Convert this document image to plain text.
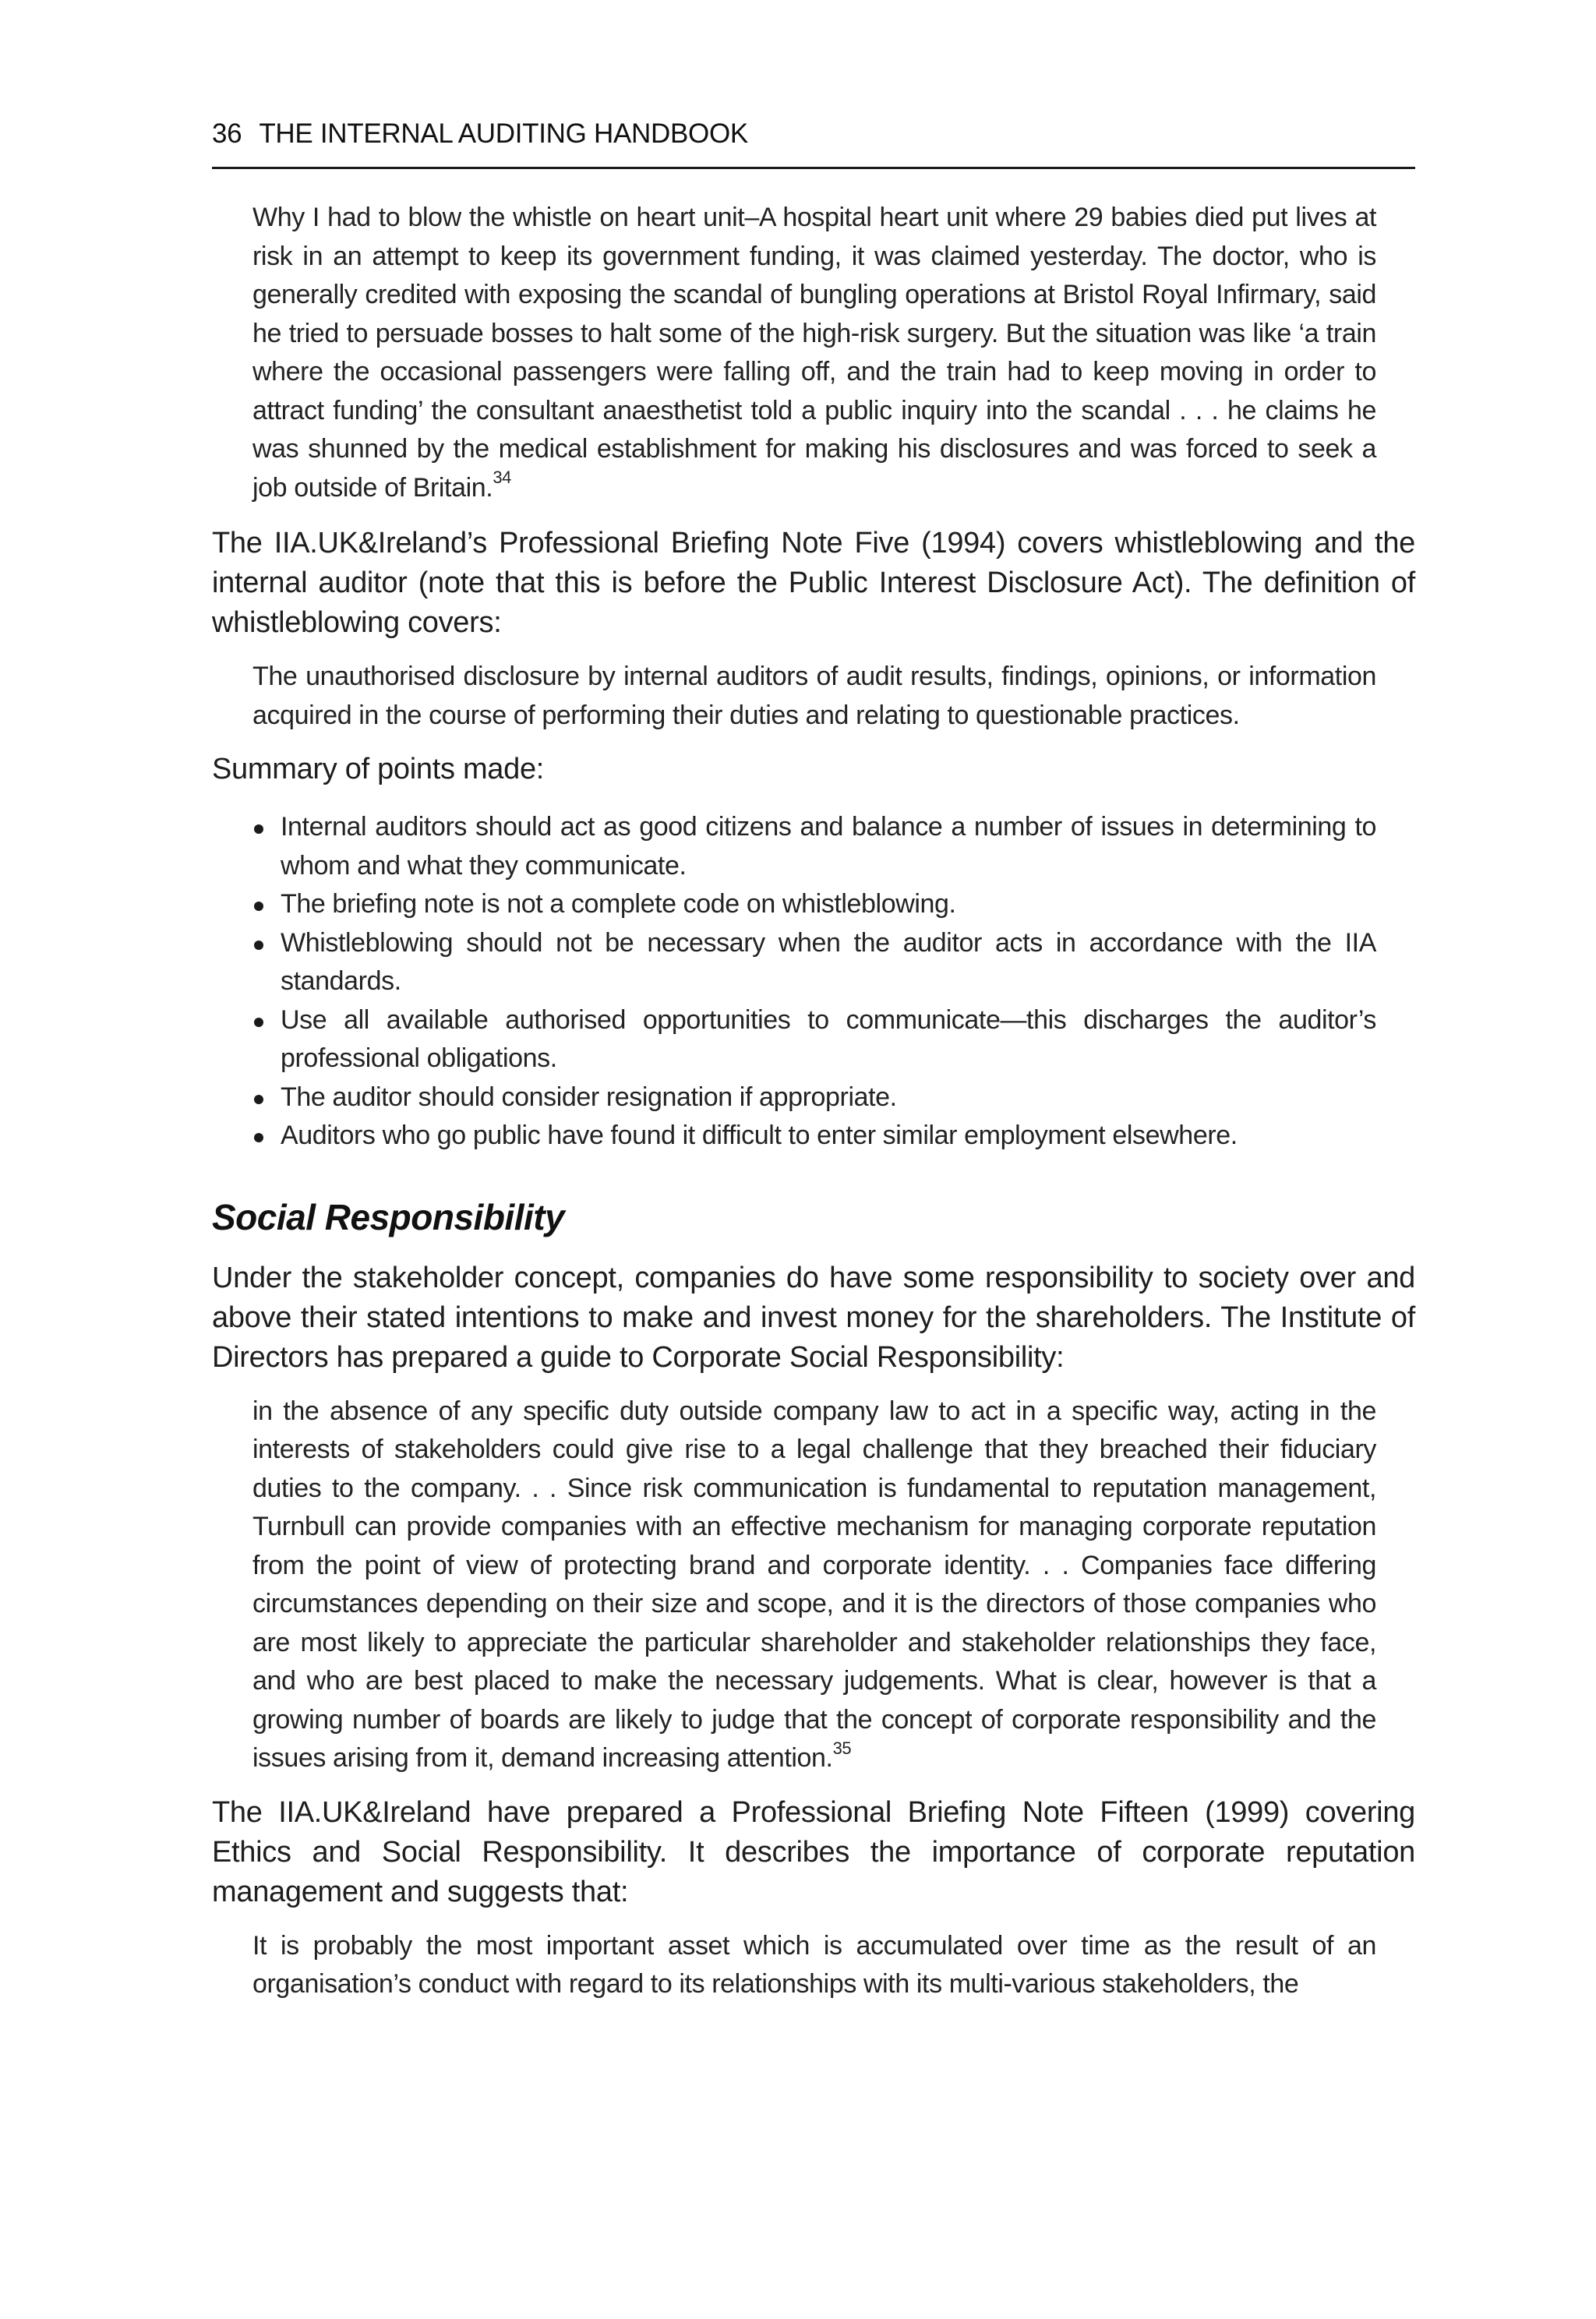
36 THE INTERNAL AUDITING HANDBOOK
Why I had to blow the whistle on heart unit–A hospital heart unit where 29 babies died put lives at risk in an attempt to keep its government funding, it was claimed yesterday. The doctor, who is generally credited with exposing the scandal of bungling operations at Bristol Royal Infirmary, said he tried to persuade bosses to halt some of the high-risk surgery. But the situation was like ‘a train where the occasional passengers were falling off, and the train had to keep moving in order to attract funding’ the consultant anaesthetist told a public inquiry into the scandal . . . he claims he was shunned by the medical establishment for making his disclosures and was forced to seek a job outside of Britain.$^{34}$

The IIA.UK&Ireland’s Professional Briefing Note Five (1994) covers whistleblowing and the internal auditor (note that this is before the Public Interest Disclosure Act). The definition of whistleblowing covers:

The unauthorised disclosure by internal auditors of audit results, findings, opinions, or information acquired in the course of performing their duties and relating to questionable practices.

Summary of points made:

Internal auditors should act as good citizens and balance a number of issues in determining to whom and what they communicate.
The briefing note is not a complete code on whistleblowing.
Whistleblowing should not be necessary when the auditor acts in accordance with the IIA standards.
Use all available authorised opportunities to communicate—this discharges the auditor’s professional obligations.
The auditor should consider resignation if appropriate.
Auditors who go public have found it difficult to enter similar employment elsewhere.
Social Responsibility

Under the stakeholder concept, companies do have some responsibility to society over and above their stated intentions to make and invest money for the shareholders. The Institute of Directors has prepared a guide to Corporate Social Responsibility:

in the absence of any specific duty outside company law to act in a specific way, acting in the interests of stakeholders could give rise to a legal challenge that they breached their fiduciary duties to the company. . . Since risk communication is fundamental to reputation management, Turnbull can provide companies with an effective mechanism for managing corporate reputation from the point of view of protecting brand and corporate identity. . . Companies face differing circumstances depending on their size and scope, and it is the directors of those companies who are most likely to appreciate the particular shareholder and stakeholder relationships they face, and who are best placed to make the necessary judgements. What is clear, however is that a growing number of boards are likely to judge that the concept of corporate responsibility and the issues arising from it, demand increasing attention.$^{35}$

The IIA.UK&Ireland have prepared a Professional Briefing Note Fifteen (1999) covering Ethics and Social Responsibility. It describes the importance of corporate reputation management and suggests that:

It is probably the most important asset which is accumulated over time as the result of an organisation’s conduct with regard to its relationships with its multi-various stakeholders, the
